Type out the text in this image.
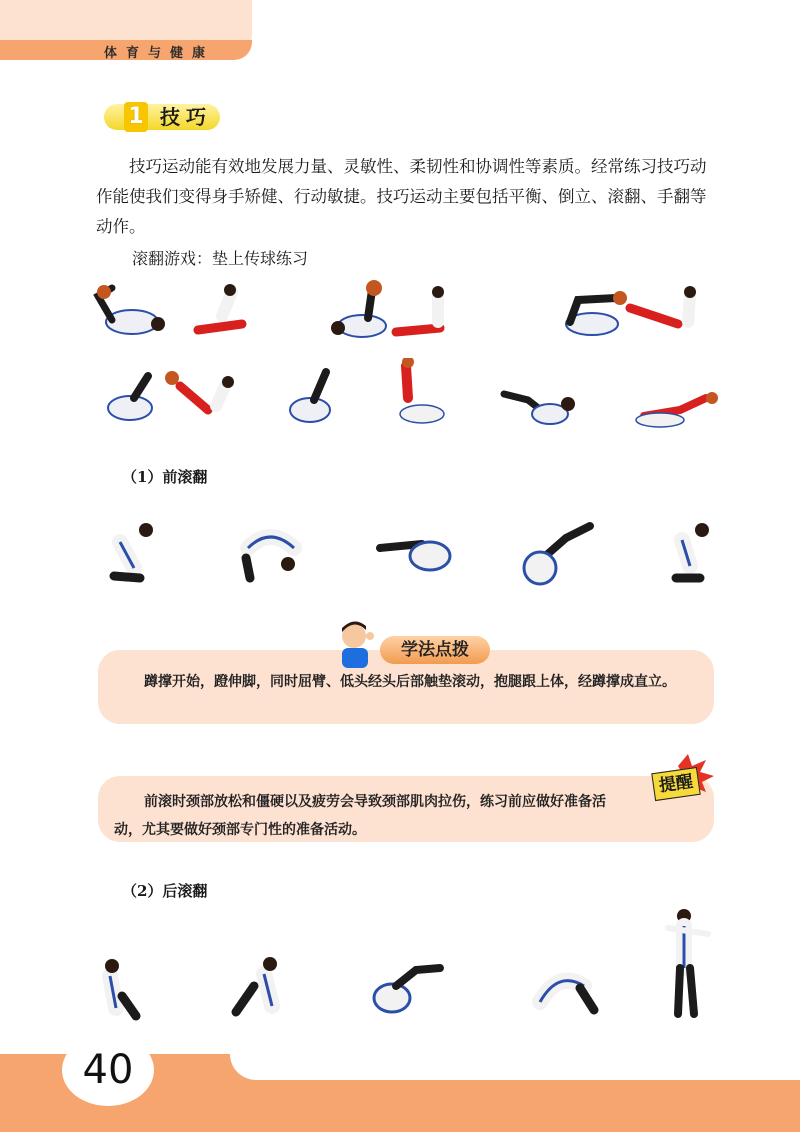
体育与健康
1 技巧

技巧运动能有效地发展力量、灵敏性、柔韧性和协调性等素质。经常练习技巧动作能使我们变得身手矫健、行动敏捷。技巧运动主要包括平衡、倒立、滚翻、手翻等动作。

滚翻游戏：垫上传球练习
（1）前滚翻

蹲撑开始，蹬伸脚，同时屈臂、低头经头后部触垫滚动，抱腿跟上体，经蹲撑成直立。

学法点拨

前滚时颈部放松和僵硬以及疲劳会导致颈部肌肉拉伤，练习前应做好准备活动，尤其要做好颈部专门性的准备活动。

提醒
（2）后滚翻
40
